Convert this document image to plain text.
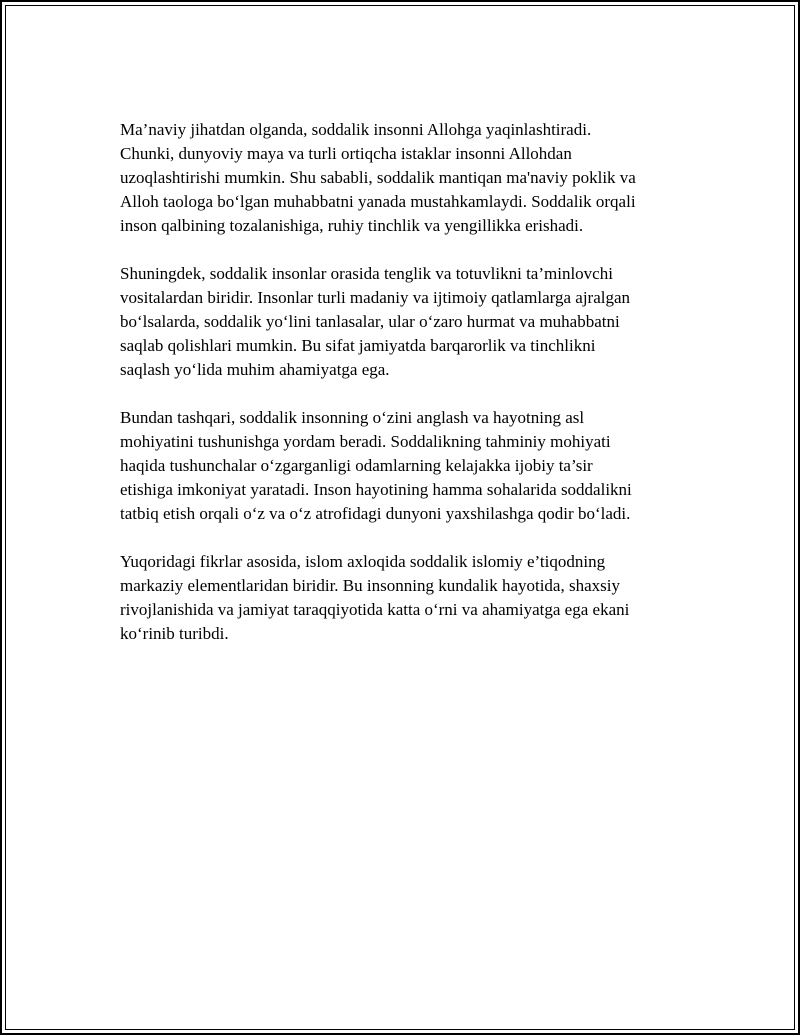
Ma’naviy jihatdan olganda, soddalik insonni Allohga yaqinlashtiradi.
Chunki, dunyoviy maya va turli ortiqcha istaklar insonni Allohdan
uzoqlashtirishi mumkin. Shu sababli, soddalik mantiqan ma'naviy poklik va
Alloh taologa bo‘lgan muhabbatni yanada mustahkamlaydi. Soddalik orqali
inson qalbining tozalanishiga, ruhiy tinchlik va yengillikka erishadi.

Shuningdek, soddalik insonlar orasida tenglik va totuvlikni ta’minlovchi
vositalardan biridir. Insonlar turli madaniy va ijtimoiy qatlamlarga ajralgan
bo‘lsalarda, soddalik yo‘lini tanlasalar, ular o‘zaro hurmat va muhabbatni
saqlab qolishlari mumkin. Bu sifat jamiyatda barqarorlik va tinchlikni
saqlash yo‘lida muhim ahamiyatga ega.

Bundan tashqari, soddalik insonning o‘zini anglash va hayotning asl
mohiyatini tushunishga yordam beradi. Soddalikning tahminiy mohiyati
haqida tushunchalar o‘zgarganligi odamlarning kelajakka ijobiy ta’sir
etishiga imkoniyat yaratadi. Inson hayotining hamma sohalarida soddalikni
tatbiq etish orqali o‘z va o‘z atrofidagi dunyoni yaxshilashga qodir bo‘ladi.

Yuqoridagi fikrlar asosida, islom axloqida soddalik islomiy e’tiqodning
markaziy elementlaridan biridir. Bu insonning kundalik hayotida, shaxsiy
rivojlanishida va jamiyat taraqqiyotida katta o‘rni va ahamiyatga ega ekani
ko‘rinib turibdi.
